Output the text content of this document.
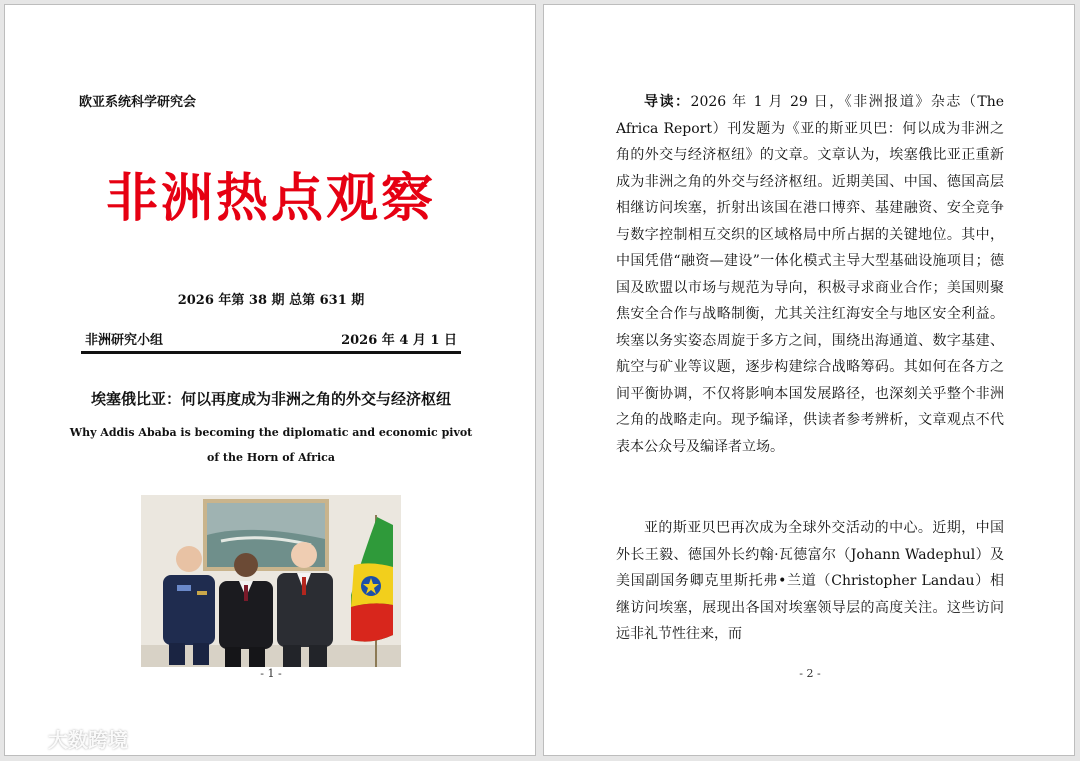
欧亚系统科学研究会
非洲热点观察
2026 年第 38 期 总第 631 期
非洲研究小组	2026 年 4 月 1 日
埃塞俄比亚：何以再度成为非洲之角的外交与经济枢纽
Why Addis Ababa is becoming the diplomatic and economic pivot
of the Horn of Africa
- 1 -

导读：2026 年 1 月 29 日，《非洲报道》杂志（The Africa Report）刊发题为《亚的斯亚贝巴：何以成为非洲之角的外交与经济枢纽》的文章。文章认为，埃塞俄比亚正重新成为非洲之角的外交与经济枢纽。近期美国、中国、德国高层相继访问埃塞，折射出该国在港口博弈、基建融资、安全竞争与数字控制相互交织的区域格局中所占据的关键地位。其中，中国凭借“融资—建设”一体化模式主导大型基础设施项目；德国及欧盟以市场与规范为导向，积极寻求商业合作；美国则聚焦安全合作与战略制衡，尤其关注红海安全与地区安全利益。埃塞以务实姿态周旋于多方之间，围绕出海通道、数字基建、航空与矿业等议题，逐步构建综合战略筹码。其如何在各方之间平衡协调，不仅将影响本国发展路径，也深刻关乎整个非洲之角的战略走向。现予编译，供读者参考辨析，文章观点不代表本公众号及编译者立场。

亚的斯亚贝巴再次成为全球外交活动的中心。近期，中国外长王毅、德国外长约翰·瓦德富尔（Johann Wadephul）及美国副国务卿克里斯托弗•兰道（Christopher Landau）相继访问埃塞，展现出各国对埃塞领导层的高度关注。这些访问远非礼节性往来，而

- 2 -
大数跨境
